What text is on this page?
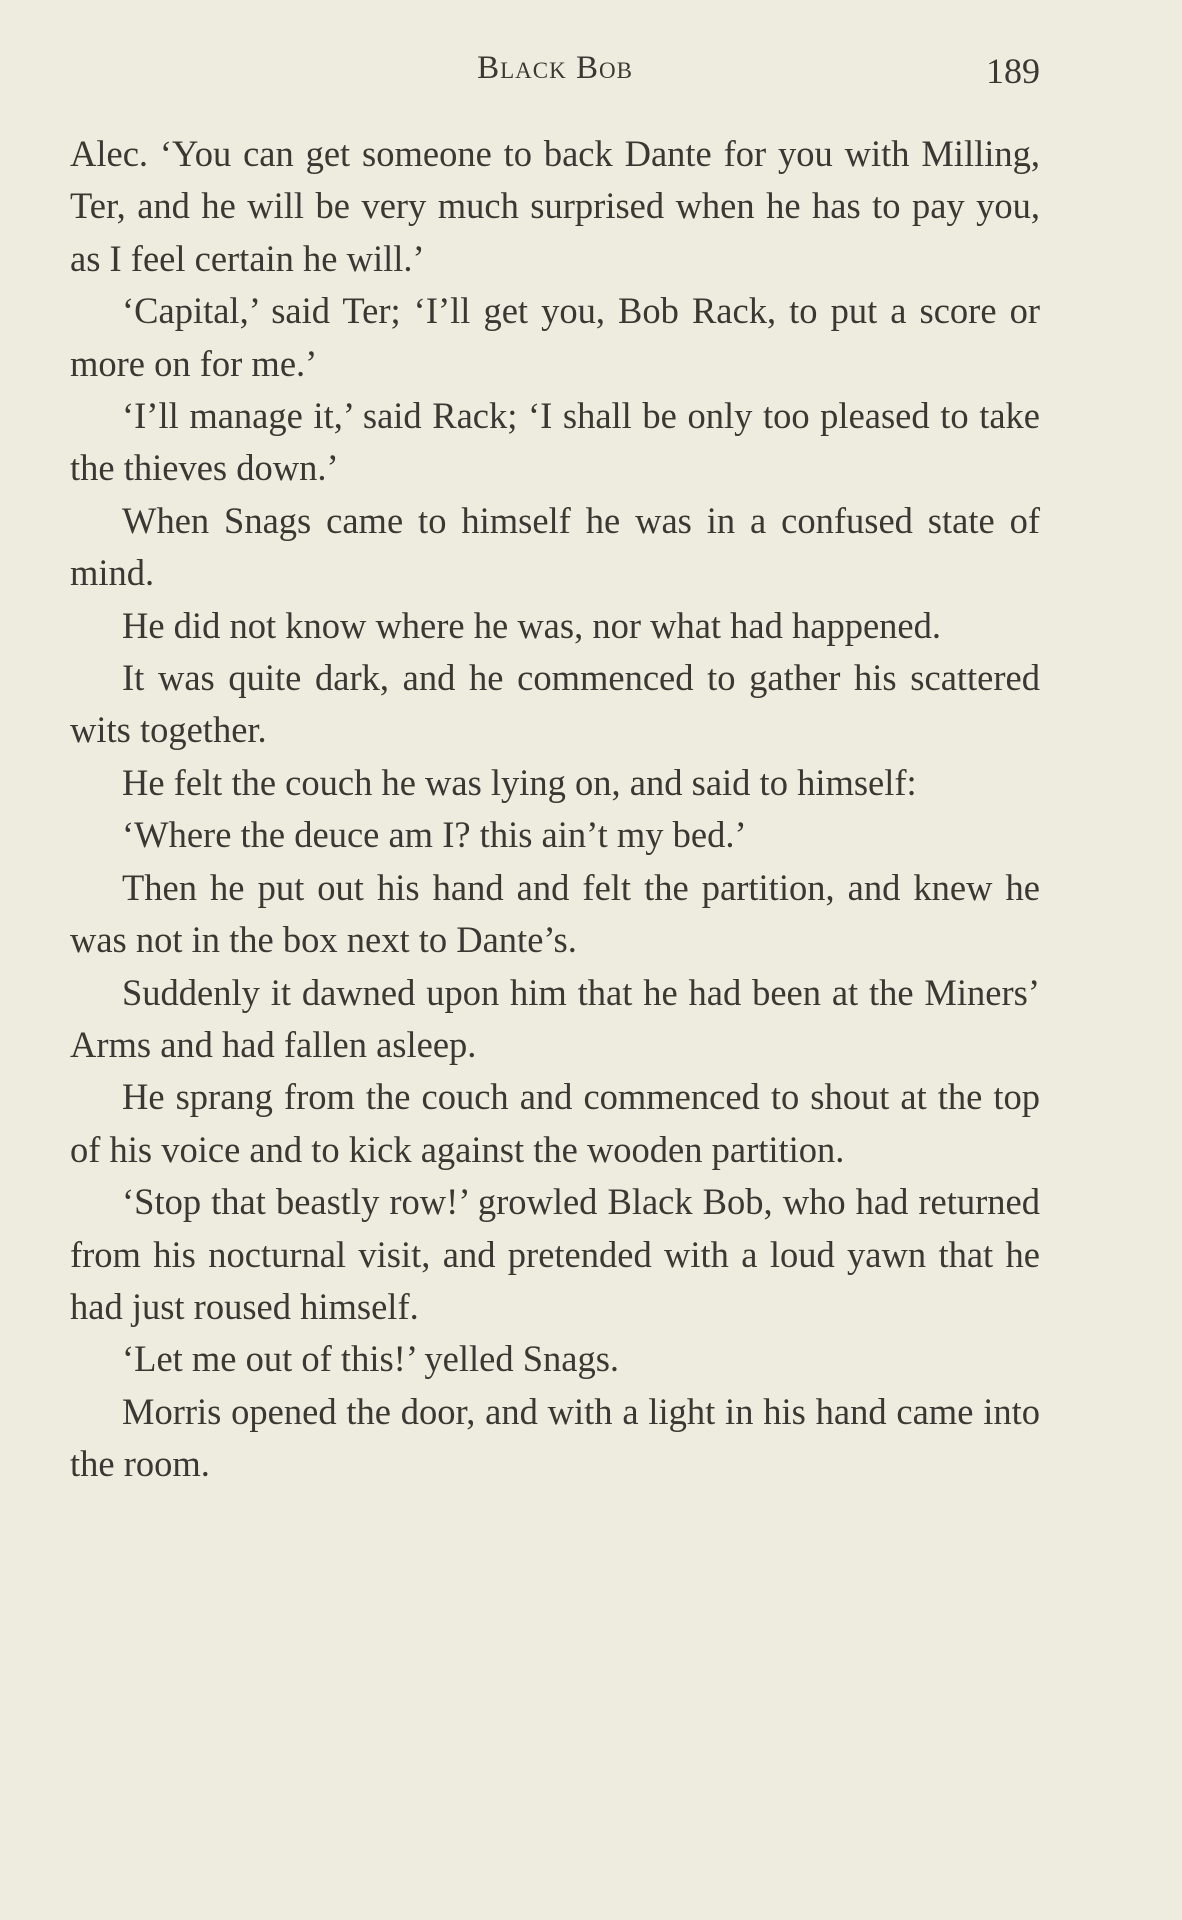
Black Bob	189

Alec. ‘You can get someone to back Dante for you with Milling, Ter, and he will be very much surprised when he has to pay you, as I feel certain he will.’

‘Capital,’ said Ter; ‘I’ll get you, Bob Rack, to put a score or more on for me.’

‘I’ll manage it,’ said Rack; ‘I shall be only too pleased to take the thieves down.’

When Snags came to himself he was in a confused state of mind.

He did not know where he was, nor what had happened.

It was quite dark, and he commenced to gather his scattered wits together.

He felt the couch he was lying on, and said to himself:

‘Where the deuce am I? this ain’t my bed.’

Then he put out his hand and felt the partition, and knew he was not in the box next to Dante’s.

Suddenly it dawned upon him that he had been at the Miners’ Arms and had fallen asleep.

He sprang from the couch and commenced to shout at the top of his voice and to kick against the wooden partition.

‘Stop that beastly row!’ growled Black Bob, who had returned from his nocturnal visit, and pretended with a loud yawn that he had just roused himself.

‘Let me out of this!’ yelled Snags.

Morris opened the door, and with a light in his hand came into the room.
